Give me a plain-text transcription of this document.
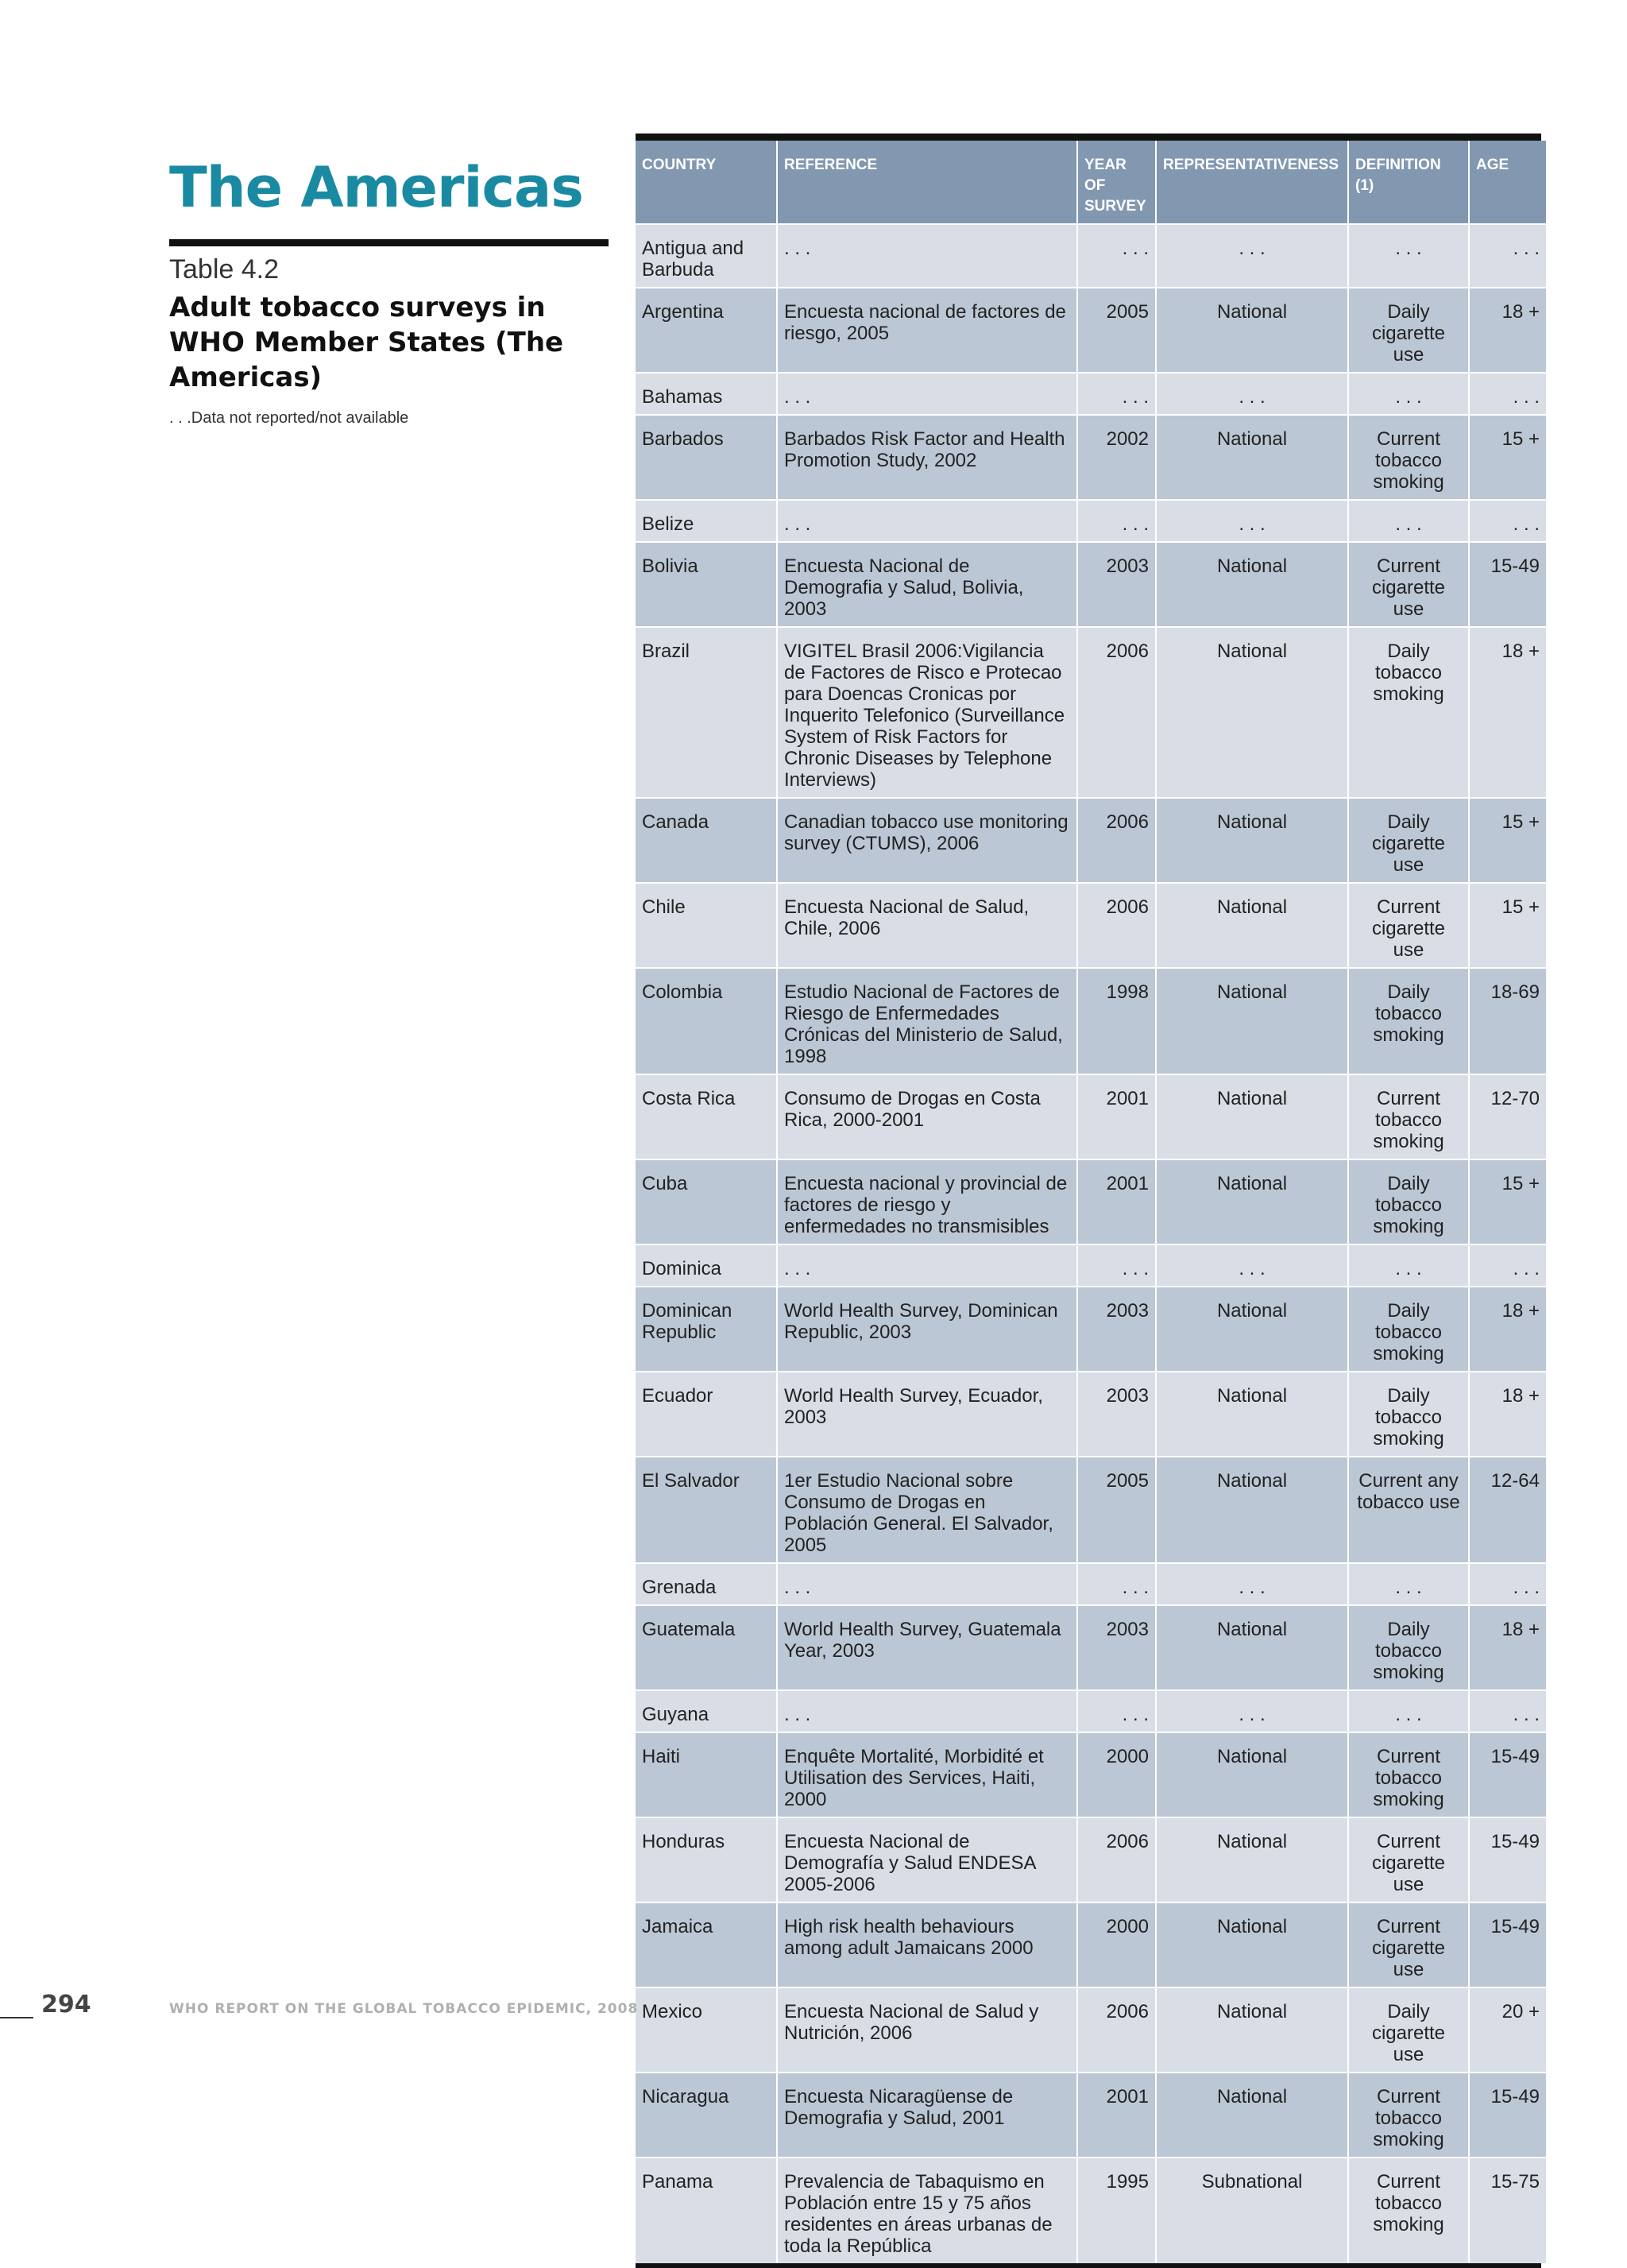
The Americas
Table 4.2
Adult tobacco surveys in WHO Member States (The Americas)
. . .Data not reported/not available
COUNTRY	REFERENCE	YEAR OF SURVEY	REPRESENTATIVENESS	DEFINITION (1)	AGE
Antigua and Barbuda	. . .	. . .	. . .	. . .	. . .
Argentina	Encuesta nacional de factores de riesgo, 2005	2005	National	Daily cigarette use	18 +
Bahamas	. . .	. . .	. . .	. . .	. . .
Barbados	Barbados Risk Factor and Health Promotion Study, 2002	2002	National	Current tobacco smoking	15 +
Belize	. . .	. . .	. . .	. . .	. . .
Bolivia	Encuesta Nacional de Demografia y Salud, Bolivia, 2003	2003	National	Current cigarette use	15-49
Brazil	VIGITEL Brasil 2006:Vigilancia de Factores de Risco e Protecao para Doencas Cronicas por Inquerito Telefonico (Surveillance System of Risk Factors for Chronic Diseases by Telephone Interviews)	2006	National	Daily tobacco smoking	18 +
Canada	Canadian tobacco use monitoring survey (CTUMS), 2006	2006	National	Daily cigarette use	15 +
Chile	Encuesta Nacional de Salud, Chile, 2006	2006	National	Current cigarette use	15 +
Colombia	Estudio Nacional de Factores de Riesgo de Enfermedades Crónicas del Ministerio de Salud, 1998	1998	National	Daily tobacco smoking	18-69
Costa Rica	Consumo de Drogas en Costa Rica, 2000-2001	2001	National	Current tobacco smoking	12-70
Cuba	Encuesta nacional y provincial de factores de riesgo y enfermedades no transmisibles	2001	National	Daily tobacco smoking	15 +
Dominica	. . .	. . .	. . .	. . .	. . .
Dominican Republic	World Health Survey, Dominican Republic, 2003	2003	National	Daily tobacco smoking	18 +
Ecuador	World Health Survey, Ecuador, 2003	2003	National	Daily tobacco smoking	18 +
El Salvador	1er Estudio Nacional sobre Consumo de Drogas en Población General. El Salvador, 2005	2005	National	Current any tobacco use	12-64
Grenada	. . .	. . .	. . .	. . .	. . .
Guatemala	World Health Survey, Guatemala Year, 2003	2003	National	Daily tobacco smoking	18 +
Guyana	. . .	. . .	. . .	. . .	. . .
Haiti	Enquête Mortalité, Morbidité et Utilisation des Services, Haiti, 2000	2000	National	Current tobacco smoking	15-49
Honduras	Encuesta Nacional de Demografía y Salud ENDESA 2005-2006	2006	National	Current cigarette use	15-49
Jamaica	High risk health behaviours among adult Jamaicans 2000	2000	National	Current cigarette use	15-49
Mexico	Encuesta Nacional de Salud y Nutrición, 2006	2006	National	Daily cigarette use	20 +
Nicaragua	Encuesta Nicaragüense de Demografia y Salud, 2001	2001	National	Current tobacco smoking	15-49
Panama	Prevalencia de Tabaquismo en Población entre 15 y 75 años residentes en áreas urbanas de toda la República	1995	Subnational	Current tobacco smoking	15-75
294	WHO REPORT ON THE GLOBAL TOBACCO EPIDEMIC, 2008
